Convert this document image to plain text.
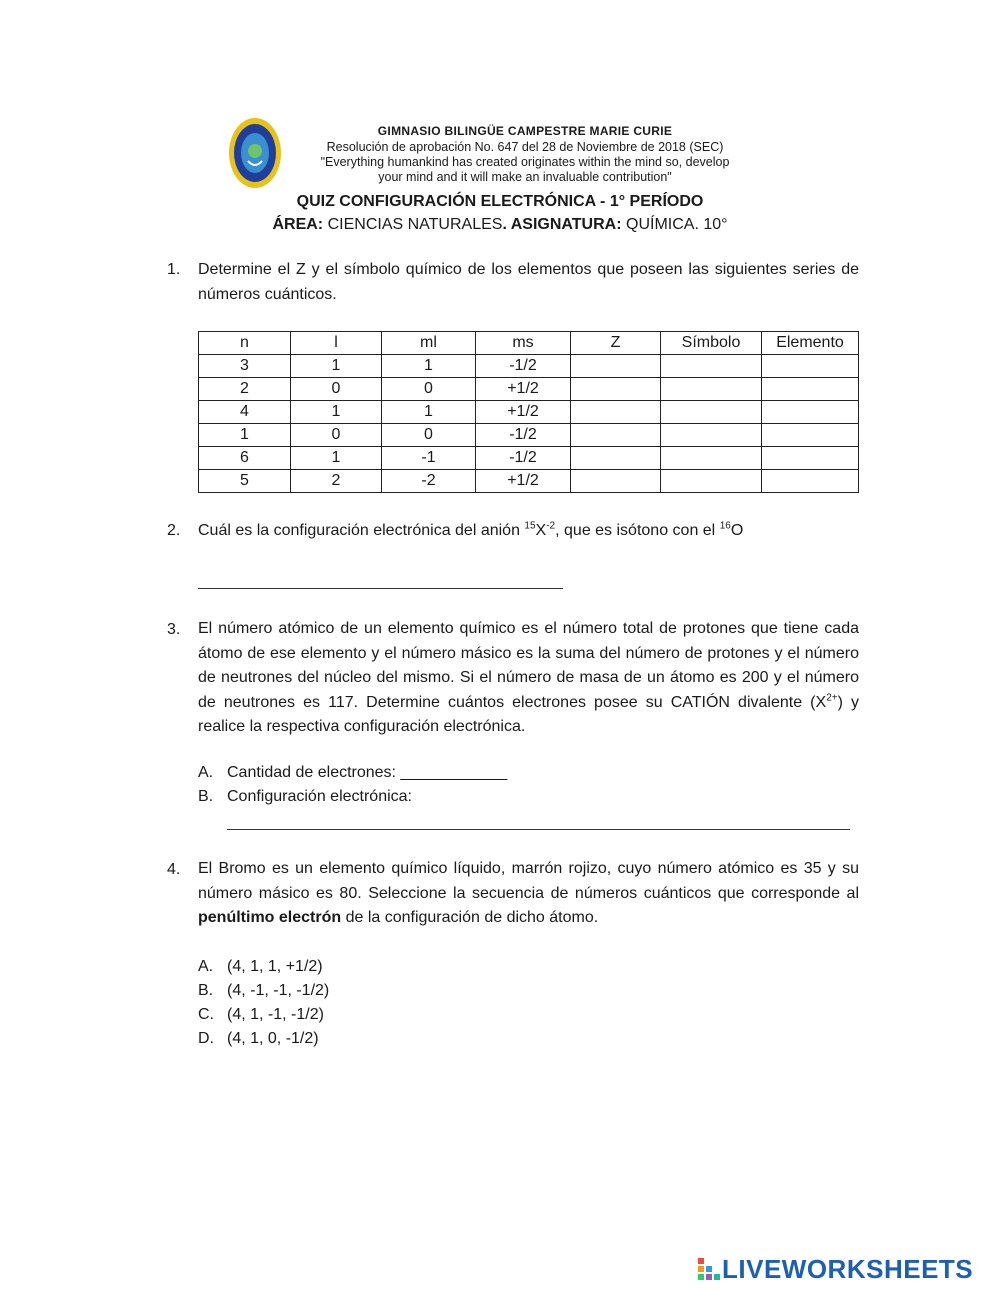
GIMNASIO BILINGÜE CAMPESTRE MARIE CURIE
Resolución de aprobación No. 647 del 28 de Noviembre de 2018 (SEC)
"Everything humankind has created originates within the mind so, develop
your mind and it will make an invaluable contribution"
QUIZ CONFIGURACIÓN ELECTRÓNICA - 1° PERÍODO
ÁREA: CIENCIAS NATURALES. ASIGNATURA: QUÍMICA. 10°
1. Determine el Z y el símbolo químico de los elementos que poseen las siguientes series de números cuánticos.
n	l	ml	ms	Z	Símbolo	Elemento
3	1	1	-1/2			
2	0	0	+1/2			
4	1	1	+1/2			
1	0	0	-1/2			
6	1	-1	-1/2			
5	2	-2	+1/2			
2. Cuál es la configuración electrónica del anión $^{15}X^{-2}$, que es isótono con el $^{16}$O
3. El número atómico de un elemento químico es el número total de protones que tiene cada átomo de ese elemento y el número másico es la suma del número de protones y el número de neutrones del núcleo del mismo. Si el número de masa de un átomo es 200 y el número de neutrones es 117. Determine cuántos electrones posee su CATIÓN divalente $(X^{2+})$ y realice la respectiva configuración electrónica.
A. Cantidad de electrones: ____________
B. Configuración electrónica:
4. El Bromo es un elemento químico líquido, marrón rojizo, cuyo número atómico es 35 y su número másico es 80. Seleccione la secuencia de números cuánticos que corresponde al penúltimo electrón de la configuración de dicho átomo.
A. (4, 1, 1, +1/2)
B. (4, -1, -1, -1/2)
C. (4, 1, -1, -1/2)
D. (4, 1, 0, -1/2)
LIVEWORKSHEETS
